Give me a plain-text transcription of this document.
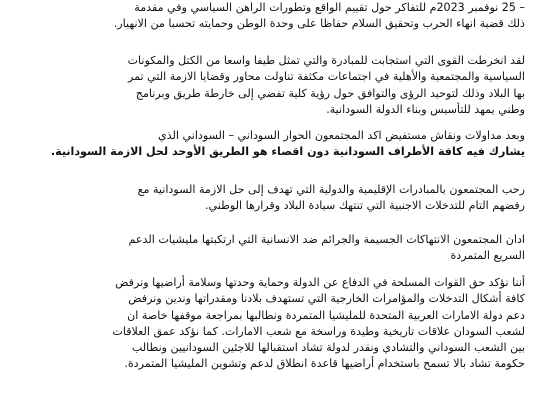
– 25 نوفمبر 2023م للتفاكر حول تقييم الواقع وتطورات الراهن السياسي وفي مقدمة
ذلك قضية انهاء الحرب وتحقيق السلام حفاظا على وحدة الوطن وحمايته تحسبا من الانهيار.

لقد انخرطت القوى التي استجابت للمبادرة والتي تمثل طيفا واسعا من الكتل والمكونات
السياسية والمجتمعية والأهلية في اجتماعات مكثفة تناولت محاور وقضايا الازمة التي تمر
بها البلاد وذلك لتوحيد الرؤى والتوافق حول رؤية كلية تفضي إلى خارطة طريق وبرنامج
وطني يمهد للتأسيس وبناء الدولة السودانية.

وبعد مداولات ونقاش مستفيض اكد المجتمعون الحوار السوداني – السوداني الذي
يشارك فيه كافة الأطراف السودانية دون اقصاء هو الطريق الأوحد لحل الازمة السودانية.

رحب المجتمعون بالمبادرات الإقليمية والدولية التي تهدف إلى حل الازمة السودانية مع
رفضهم التام للتدخلات الاجنبية التي تنتهك سيادة البلاد وقرارها الوطني.

ادان المجتمعون الانتهاكات الجسيمة والجرائم ضد الانسانية التي ارتكبتها مليشيات الدعم
السريع المتمردة

أننا نؤكد حق القوات المسلحة في الدفاع عن الدولة وحماية وحدتها وسلامة أراضيها ونرفض
كافة أشكال التدخلات والمؤامرات الخارجية التي تستهدف بلادنا ومقدراتها وندين ونرفض
دعم دولة الامارات العربية المتحدة للمليشيا المتمردة ونطالبها بمراجعة موقفها خاصة ان
لشعب السودان علاقات تاريخية وطيدة وراسخة مع شعب الامارات. كما نؤكد عمق العلاقات
بين الشعب السوداني والتشادي ونقدر لدولة تشاد استقبالها للاجئين السودانيين ونطالب
حكومة تشاد بالا تسمح باستخدام أراضيها قاعدة انطلاق لدعم وتشوين المليشيا المتمردة.
